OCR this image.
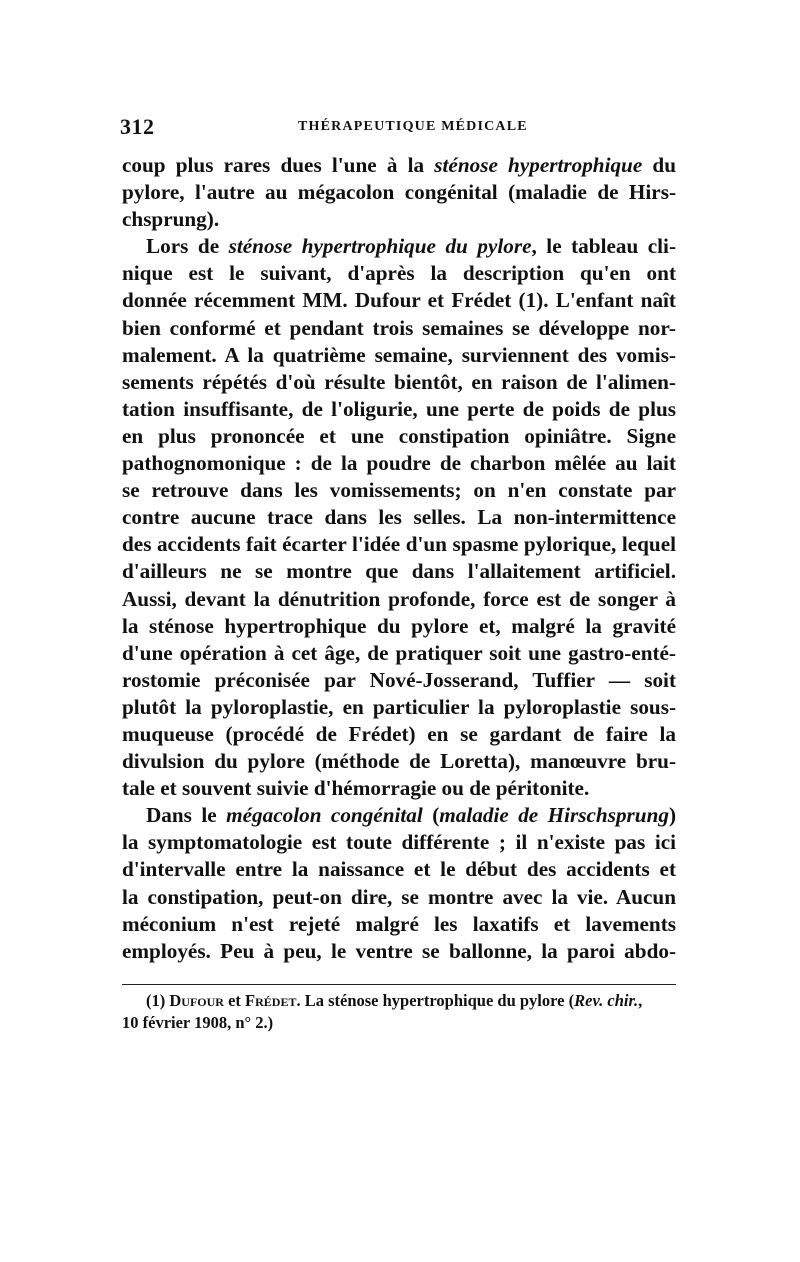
312	THÉRAPEUTIQUE MÉDICALE
coup plus rares dues l'une à la sténose hypertrophique du
pylore, l'autre au mégacolon congénital (maladie de Hirs-
chsprung).
Lors de sténose hypertrophique du pylore, le tableau cli-
nique est le suivant, d'après la description qu'en ont
donnée récemment MM. Dufour et Frédet (1). L'enfant naît
bien conformé et pendant trois semaines se développe nor-
malement. A la quatrième semaine, surviennent des vomis-
sements répétés d'où résulte bientôt, en raison de l'alimen-
tation insuffisante, de l'oligurie, une perte de poids de plus
en plus prononcée et une constipation opiniâtre. Signe
pathognomonique : de la poudre de charbon mêlée au lait
se retrouve dans les vomissements; on n'en constate par
contre aucune trace dans les selles. La non-intermittence
des accidents fait écarter l'idée d'un spasme pylorique, lequel
d'ailleurs ne se montre que dans l'allaitement artificiel.
Aussi, devant la dénutrition profonde, force est de songer à
la sténose hypertrophique du pylore et, malgré la gravité
d'une opération à cet âge, de pratiquer soit une gastro-enté-
rostomie préconisée par Nové-Josserand, Tuffier — soit
plutôt la pyloroplastie, en particulier la pyloroplastie sous-
muqueuse (procédé de Frédet) en se gardant de faire la
divulsion du pylore (méthode de Loretta), manœuvre bru-
tale et souvent suivie d'hémorragie ou de péritonite.
Dans le mégacolon congénital (maladie de Hirschsprung)
la symptomatologie est toute différente ; il n'existe pas ici
d'intervalle entre la naissance et le début des accidents et
la constipation, peut-on dire, se montre avec la vie. Aucun
méconium n'est rejeté malgré les laxatifs et lavements
employés. Peu à peu, le ventre se ballonne, la paroi abdo-
(1) Dufour et Frédet. La sténose hypertrophique du pylore (Rev. chir.,
10 février 1908, n° 2.)
